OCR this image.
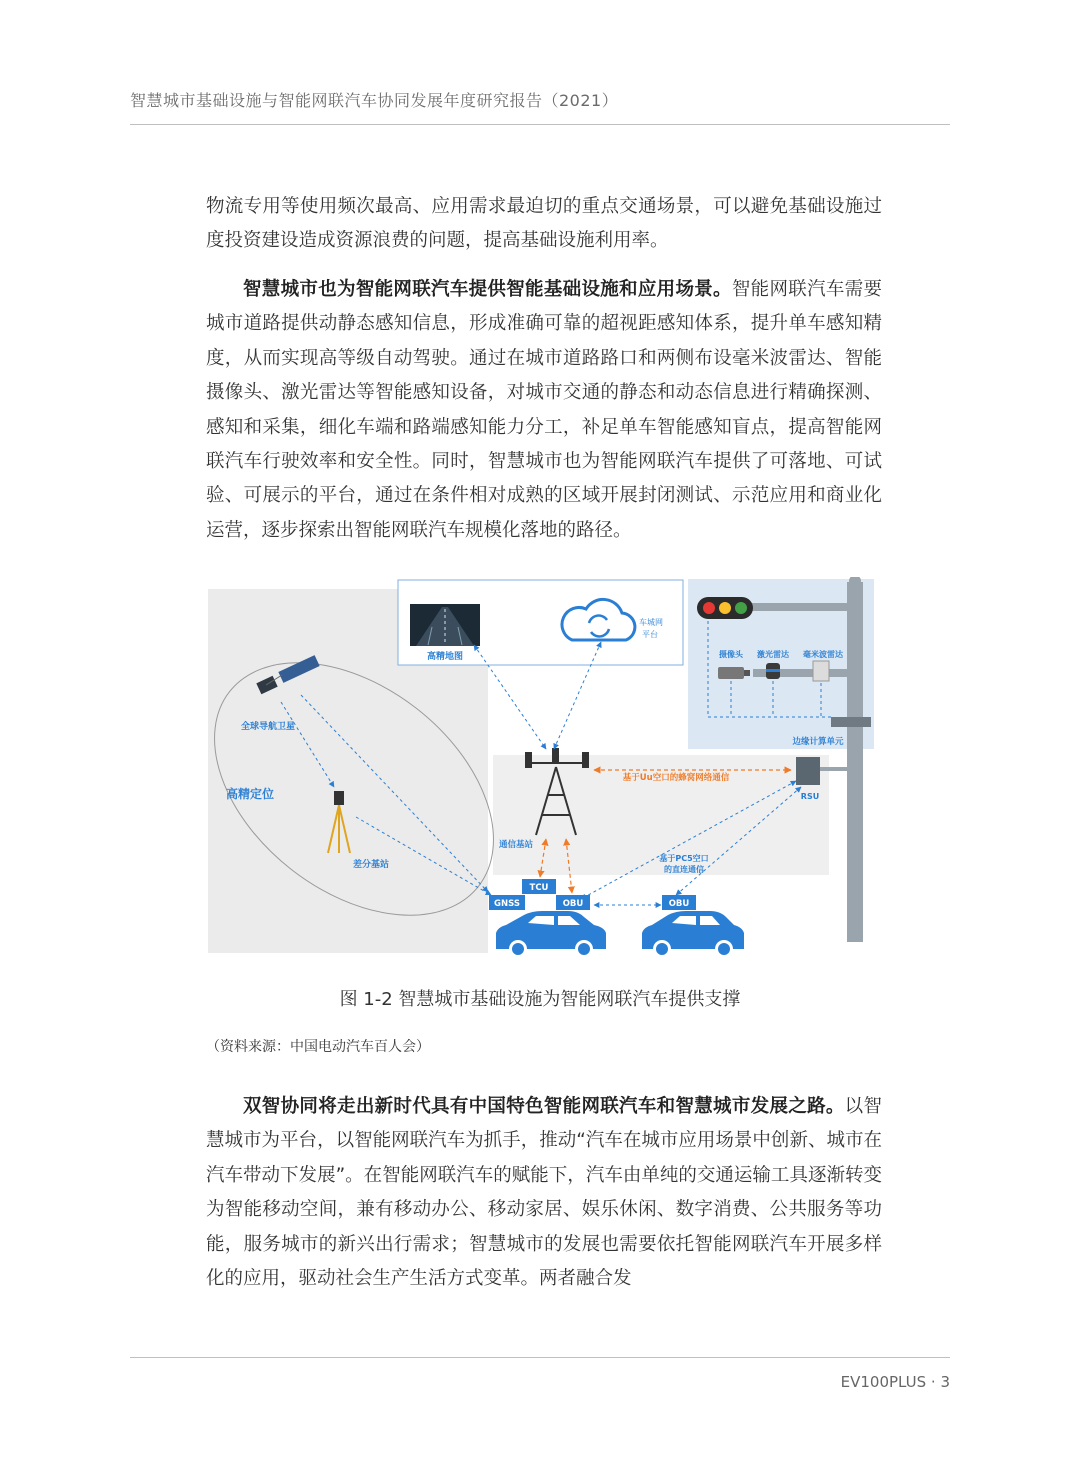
智慧城市基础设施与智能网联汽车协同发展年度研究报告（2021）

物流专用等使用频次最高、应用需求最迫切的重点交通场景，可以避免基础设施过度投资建设造成资源浪费的问题，提高基础设施利用率。

智慧城市也为智能网联汽车提供智能基础设施和应用场景。智能网联汽车需要城市道路提供动静态感知信息，形成准确可靠的超视距感知体系，提升单车感知精度，从而实现高等级自动驾驶。通过在城市道路路口和两侧布设毫米波雷达、智能摄像头、激光雷达等智能感知设备，对城市交通的静态和动态信息进行精确探测、感知和采集，细化车端和路端感知能力分工，补足单车智能感知盲点，提高智能网联汽车行驶效率和安全性。同时，智慧城市也为智能网联汽车提供了可落地、可试验、可展示的平台，通过在条件相对成熟的区域开展封闭测试、示范应用和商业化运营，逐步探索出智能网联汽车规模化落地的路径。

高精地图
车城网
平台
全球导航卫星
高精定位
差分基站
摄像头 激光雷达 毫米波雷达
边缘计算单元
RSU
通信基站
基于Uu空口的蜂窝网络通信
基于PC5空口
的直连通信
TCU
GNSS	OBU	OBU
图 1-2 智慧城市基础设施为智能网联汽车提供支撑
（资料来源：中国电动汽车百人会）

双智协同将走出新时代具有中国特色智能网联汽车和智慧城市发展之路。以智慧城市为平台，以智能网联汽车为抓手，推动“汽车在城市应用场景中创新、城市在汽车带动下发展”。在智能网联汽车的赋能下，汽车由单纯的交通运输工具逐渐转变为智能移动空间，兼有移动办公、移动家居、娱乐休闲、数字消费、公共服务等功能，服务城市的新兴出行需求；智慧城市的发展也需要依托智能网联汽车开展多样化的应用，驱动社会生产生活方式变革。两者融合发

EV100PLUS · 3
